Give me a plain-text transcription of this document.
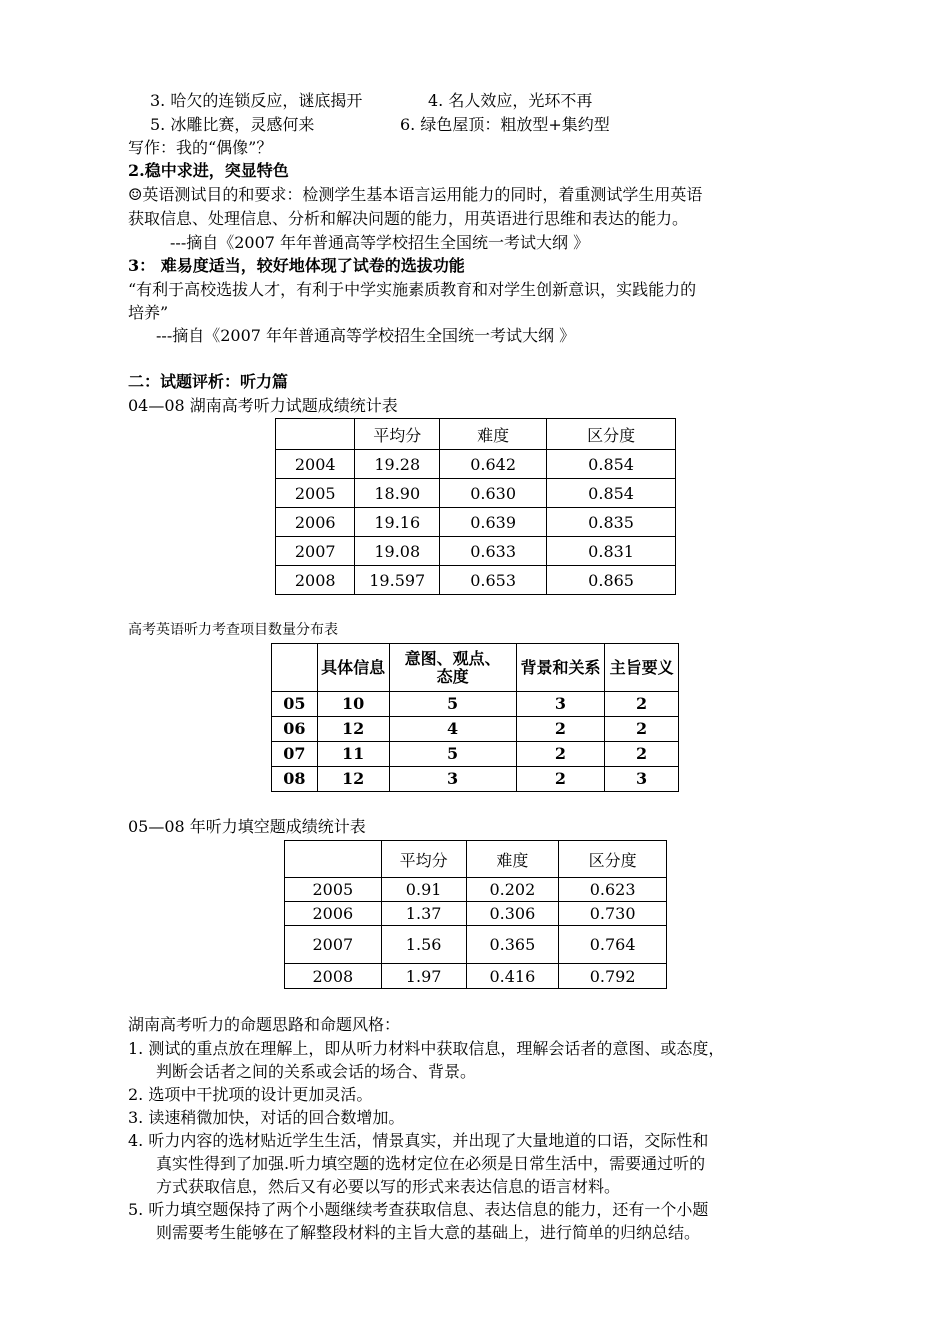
3. 哈欠的连锁反应，谜底揭开	4. 名人效应，光环不再
5. 冰雕比赛，灵感何来	6. 绿色屋顶：粗放型+集约型
写作：我的“偶像”？
2.稳中求进，突显特色
☺英语测试目的和要求：检测学生基本语言运用能力的同时，着重测试学生用英语
获取信息、处理信息、分析和解决问题的能力，用英语进行思维和表达的能力。
---摘自《2007 年年普通高等学校招生全国统一考试大纲 》
3： 难易度适当，较好地体现了试卷的选拔功能
“有利于高校选拔人才，有利于中学实施素质教育和对学生创新意识，实践能力的
培养”
---摘自《2007 年年普通高等学校招生全国统一考试大纲 》
二：试题评析：听力篇
04—08 湖南高考听力试题成绩统计表
	平均分	难度	区分度
2004	19.28	0.642	0.854
2005	18.90	0.630	0.854
2006	19.16	0.639	0.835
2007	19.08	0.633	0.831
2008	19.597	0.653	0.865
高考英语听力考查项目数量分布表
	具体信息	意图、观点、态度	背景和关系	主旨要义
05	10	5	3	2
06	12	4	2	2
07	11	5	2	2
08	12	3	2	3
05—08 年听力填空题成绩统计表
	平均分	难度	区分度
2005	0.91	0.202	0.623
2006	1.37	0.306	0.730
2007	1.56	0.365	0.764
2008	1.97	0.416	0.792
湖南高考听力的命题思路和命题风格：
1. 测试的重点放在理解上，即从听力材料中获取信息，理解会话者的意图、或态度，
判断会话者之间的关系或会话的场合、背景。
2. 选项中干扰项的设计更加灵活。
3. 读速稍微加快，对话的回合数增加。
4. 听力内容的选材贴近学生生活，情景真实，并出现了大量地道的口语，交际性和
真实性得到了加强.听力填空题的选材定位在必须是日常生活中，需要通过听的
方式获取信息，然后又有必要以写的形式来表达信息的语言材料。
5. 听力填空题保持了两个小题继续考查获取信息、表达信息的能力，还有一个小题
则需要考生能够在了解整段材料的主旨大意的基础上，进行简单的归纳总结。
